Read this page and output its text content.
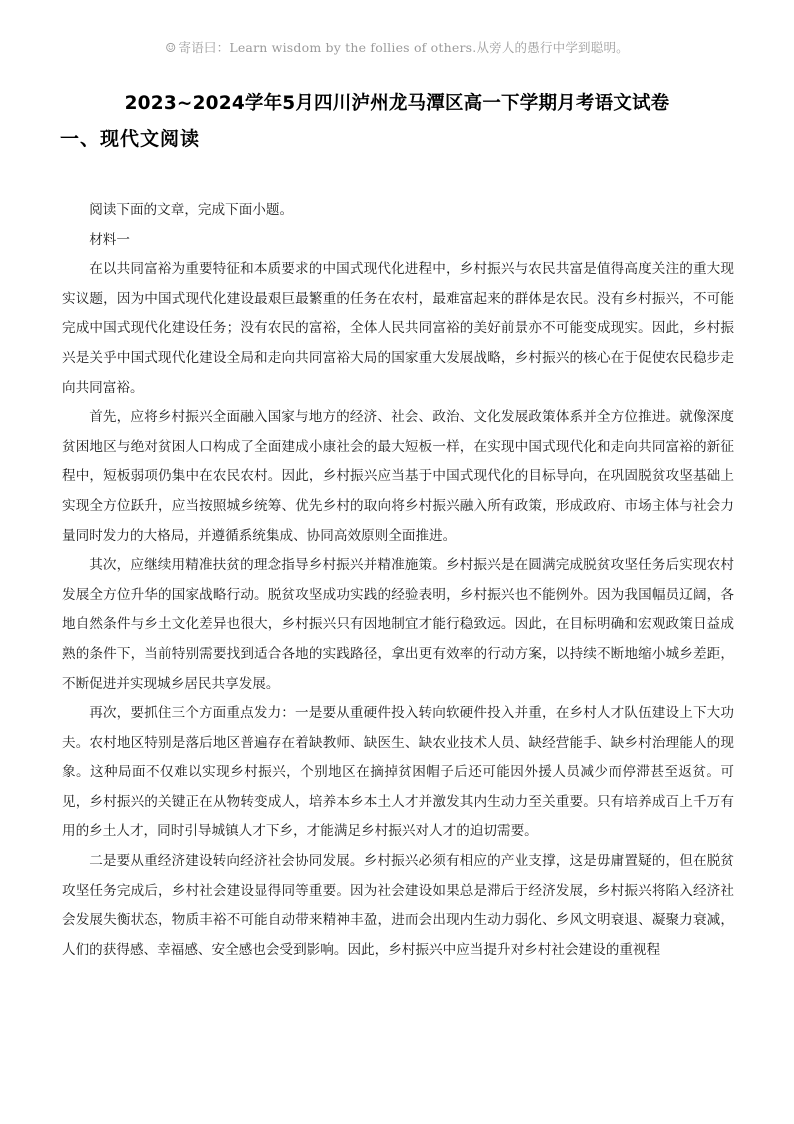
☺ 寄语曰：Learn wisdom by the follies of others.从旁人的愚行中学到聪明。
2023~2024学年5月四川泸州龙马潭区高一下学期月考语文试卷
一、现代文阅读

阅读下面的文章，完成下面小题。

材料一

在以共同富裕为重要特征和本质要求的中国式现代化进程中，乡村振兴与农民共富是值得高度关注的重大现实议题，因为中国式现代化建设最艰巨最繁重的任务在农村，最难富起来的群体是农民。没有乡村振兴，不可能完成中国式现代化建设任务；没有农民的富裕，全体人民共同富裕的美好前景亦不可能变成现实。因此，乡村振兴是关乎中国式现代化建设全局和走向共同富裕大局的国家重大发展战略，乡村振兴的核心在于促使农民稳步走向共同富裕。

首先，应将乡村振兴全面融入国家与地方的经济、社会、政治、文化发展政策体系并全方位推进。就像深度贫困地区与绝对贫困人口构成了全面建成小康社会的最大短板一样，在实现中国式现代化和走向共同富裕的新征程中，短板弱项仍集中在农民农村。因此，乡村振兴应当基于中国式现代化的目标导向，在巩固脱贫攻坚基础上实现全方位跃升，应当按照城乡统筹、优先乡村的取向将乡村振兴融入所有政策，形成政府、市场主体与社会力量同时发力的大格局，并遵循系统集成、协同高效原则全面推进。

其次，应继续用精准扶贫的理念指导乡村振兴并精准施策。乡村振兴是在圆满完成脱贫攻坚任务后实现农村发展全方位升华的国家战略行动。脱贫攻坚成功实践的经验表明，乡村振兴也不能例外。因为我国幅员辽阔，各地自然条件与乡土文化差异也很大，乡村振兴只有因地制宜才能行稳致远。因此，在目标明确和宏观政策日益成熟的条件下，当前特别需要找到适合各地的实践路径，拿出更有效率的行动方案，以持续不断地缩小城乡差距，不断促进并实现城乡居民共享发展。

再次，要抓住三个方面重点发力：一是要从重硬件投入转向软硬件投入并重，在乡村人才队伍建设上下大功夫。农村地区特别是落后地区普遍存在着缺教师、缺医生、缺农业技术人员、缺经营能手、缺乡村治理能人的现象。这种局面不仅难以实现乡村振兴，个别地区在摘掉贫困帽子后还可能因外援人员减少而停滞甚至返贫。可见，乡村振兴的关键正在从物转变成人，培养本乡本土人才并激发其内生动力至关重要。只有培养成百上千万有用的乡土人才，同时引导城镇人才下乡，才能满足乡村振兴对人才的迫切需要。

二是要从重经济建设转向经济社会协同发展。乡村振兴必须有相应的产业支撑，这是毋庸置疑的，但在脱贫攻坚任务完成后，乡村社会建设显得同等重要。因为社会建设如果总是滞后于经济发展，乡村振兴将陷入经济社会发展失衡状态，物质丰裕不可能自动带来精神丰盈，进而会出现内生动力弱化、乡风文明衰退、凝聚力衰减，人们的获得感、幸福感、安全感也会受到影响。因此，乡村振兴中应当提升对乡村社会建设的重视程
